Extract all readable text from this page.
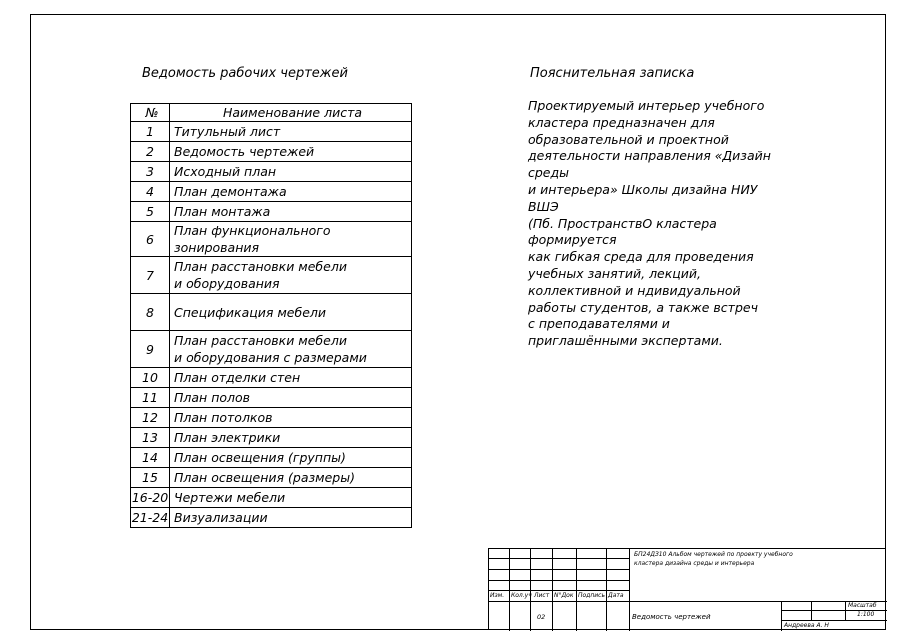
Ведомость рабочих чертежей	Пояснительная записка
№	Наименование листа
1	Титульный лист

2	Ведомость чертежей

3	Исходный план

4	План демонтажа

5	План монтажа

6	План функционального зонирования

7	План расстановки мебели
и оборудования

8	Спецификация мебели

9	План расстановки мебели
и оборудования с размерами

10	План отделки стен

11	План полов

12	План потолков

13	План электрики

14	План освещения (группы)

15	План освещения (размеры)

16-20	Чертежи мебели

21-24	Визуализации
Проектируемый интерьер учебного
кластера предназначен для
образовательной и проектной
деятельности направления «Дизайн
среды
и интерьера» Школы дизайна НИУ
ВШЭ
(Пб. ПространствО кластера
формируется
как гибкая среда для проведения
учебных занятий, лекций,
коллективной и ндивидуальной
работы студентов, а также встреч
с преподавателями и
приглашёнными экспертами.
Изм. Кол.уч Лист N°Док Подпись Дата
БП24ДЗ10 Альбом чертежей по проекту учебного
кластера дизайна среды и интерьера
02	Ведомость чертежей
Масштаб
1:100
Андреева А. Н
